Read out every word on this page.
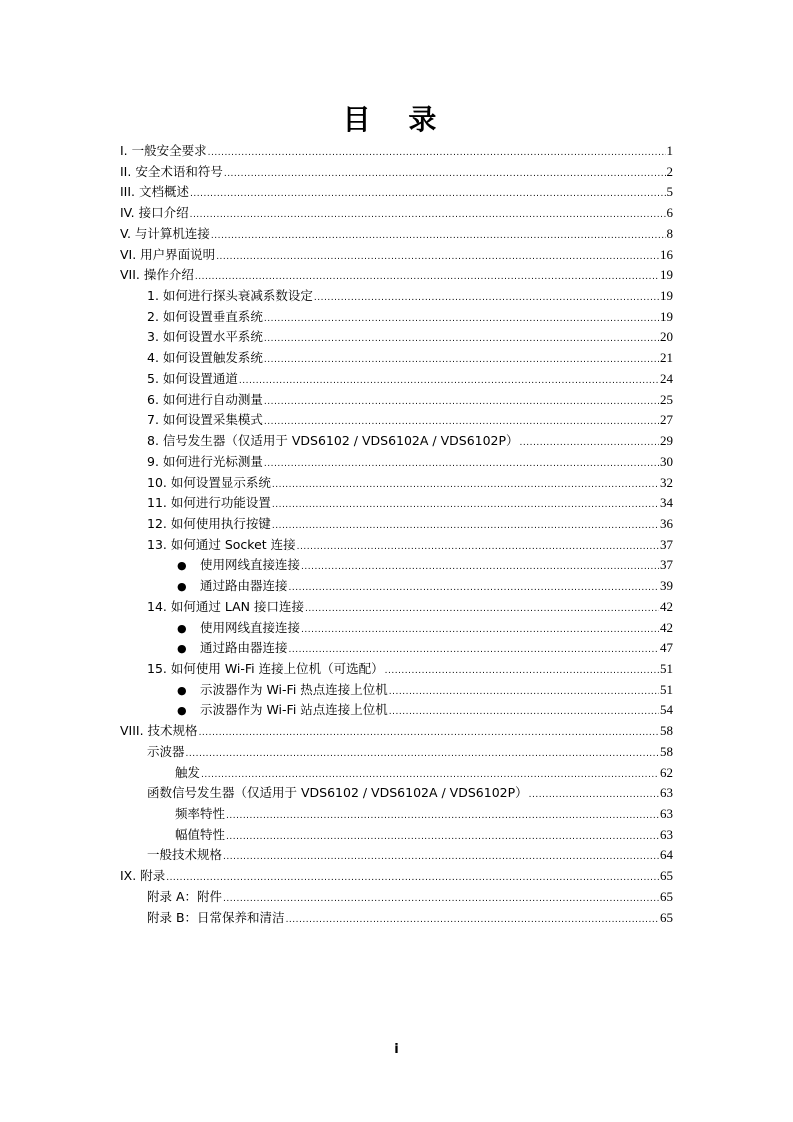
目 录
I. 一般安全要求 .....	1
II. 安全术语和符号 .....	2
III. 文档概述 .....	5
IV. 接口介绍 .....	6
V. 与计算机连接 .....	8
VI. 用户界面说明 .....	16
VII. 操作介绍 .....	19
1. 如何进行探头衰减系数设定 .....	19
2. 如何设置垂直系统 .....	19
3. 如何设置水平系统 .....	20
4. 如何设置触发系统 .....	21
5. 如何设置通道 .....	24
6. 如何进行自动测量 .....	25
7. 如何设置采集模式 .....	27
8. 信号发生器（仅适用于 VDS6102 / VDS6102A / VDS6102P） .....	29
9. 如何进行光标测量 .....	30
10. 如何设置显示系统 .....	32
11. 如何进行功能设置 .....	34
12. 如何使用执行按键 .....	36
13. 如何通过 Socket 连接 .....	37
●	使用网线直接连接 .....	37
●	通过路由器连接 .....	39
14. 如何通过 LAN 接口连接 .....	42
●	使用网线直接连接 .....	42
●	通过路由器连接 .....	47
15. 如何使用 Wi-Fi 连接上位机（可选配） .....	51
●	示波器作为 Wi-Fi 热点连接上位机 .....	51
●	示波器作为 Wi-Fi 站点连接上位机 .....	54
VIII. 技术规格 .....	58
示波器 .....	58
触发 .....	62
函数信号发生器（仅适用于 VDS6102 / VDS6102A / VDS6102P） .....	63
频率特性 .....	63
幅值特性 .....	63
一般技术规格 .....	64
IX. 附录 .....	65
附录 A：附件 .....	65
附录 B：日常保养和清洁 .....	65
i
